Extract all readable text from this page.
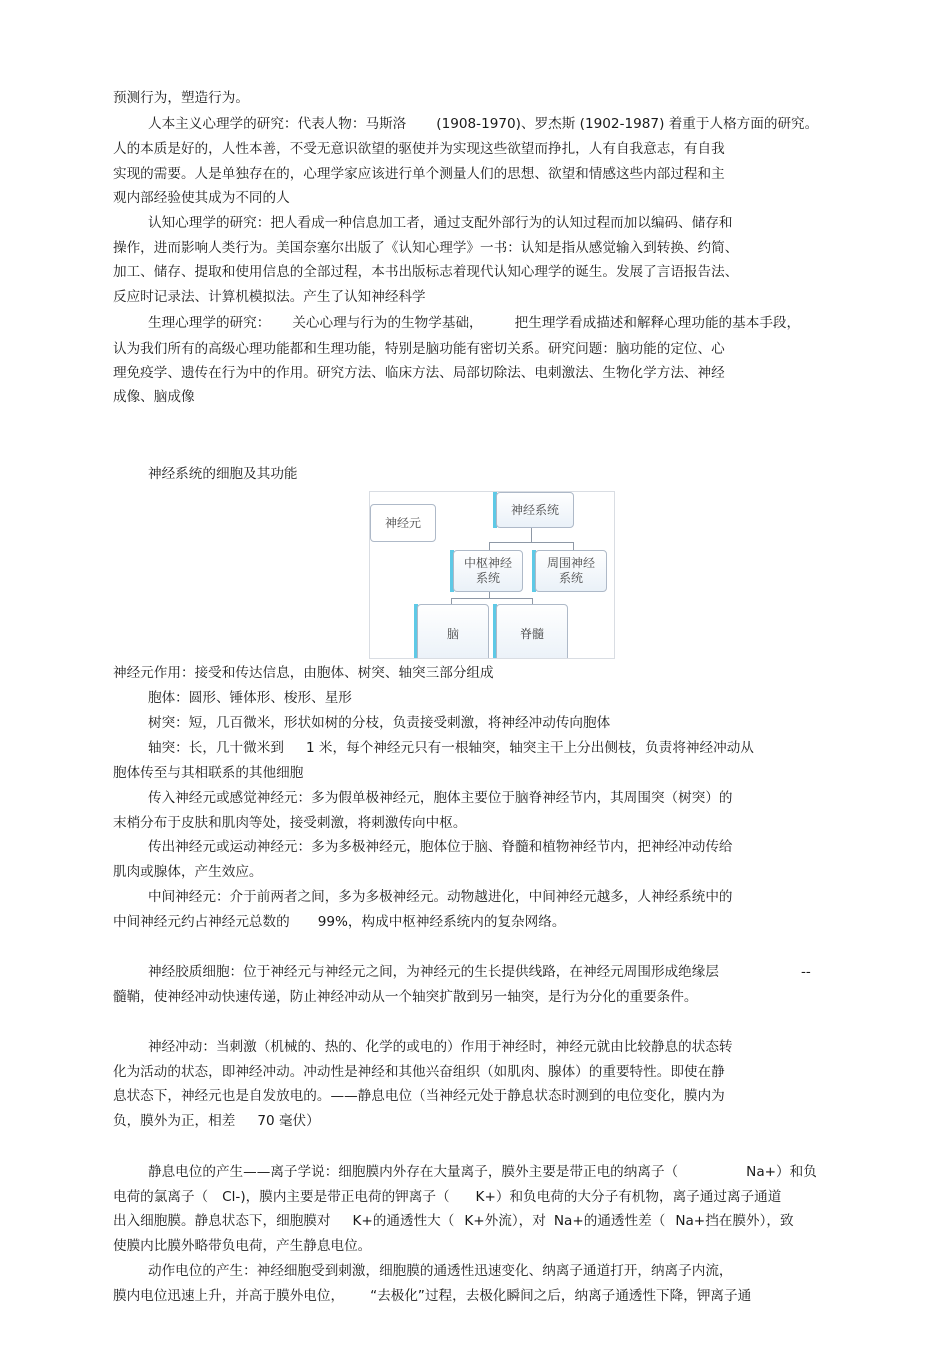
预测行为，塑造行为。

人本主义心理学的研究：代表人物：马斯洛 (1908-1970)、罗杰斯 (1902-1987) 着重于人格方面的研究。

人的本质是好的，人性本善，不受无意识欲望的驱使并为实现这些欲望而挣扎，人有自我意志，有自我

实现的需要。人是单独存在的，心理学家应该进行单个测量人们的思想、欲望和情感这些内部过程和主

观内部经验使其成为不同的人

认知心理学的研究：把人看成一种信息加工者，通过支配外部行为的认知过程而加以编码、储存和

操作，进而影响人类行为。美国奈塞尔出版了《认知心理学》一书：认知是指从感觉输入到转换、约简、

加工、储存、提取和使用信息的全部过程，本书出版标志着现代认知心理学的诞生。发展了言语报告法、

反应时记录法、计算机模拟法。产生了认知神经科学

生理心理学的研究： 关心心理与行为的生物学基础， 把生理学看成描述和解释心理功能的基本手段，

认为我们所有的高级心理功能都和生理功能，特别是脑功能有密切关系。研究问题：脑功能的定位、心

理免疫学、遗传在行为中的作用。研究方法、临床方法、局部切除法、电刺激法、生物化学方法、神经

成像、脑成像

神经系统的细胞及其功能

神经元
神经系统
中枢神经
系统
周围神经
系统
脑	脊髓

神经元作用：接受和传达信息，由胞体、树突、轴突三部分组成

胞体：圆形、锤体形、梭形、星形

树突：短，几百微米，形状如树的分枝，负责接受刺激，将神经冲动传向胞体

轴突：长，几十微米到 1 米，每个神经元只有一根轴突，轴突主干上分出侧枝，负责将神经冲动从

胞体传至与其相联系的其他细胞

传入神经元或感觉神经元：多为假单极神经元，胞体主要位于脑脊神经节内，其周围突（树突）的

末梢分布于皮肤和肌肉等处，接受刺激，将刺激传向中枢。

传出神经元或运动神经元：多为多极神经元，胞体位于脑、脊髓和植物神经节内，把神经冲动传给

肌肉或腺体，产生效应。

中间神经元：介于前两者之间，多为多极神经元。动物越进化，中间神经元越多，人神经系统中的

中间神经元约占神经元总数的 99%，构成中枢神经系统内的复杂网络。

神经胶质细胞：位于神经元与神经元之间，为神经元的生长提供线路，在神经元周围形成绝缘层	--

髓鞘，使神经冲动快速传递，防止神经冲动从一个轴突扩散到另一轴突，是行为分化的重要条件。

神经冲动：当刺激（机械的、热的、化学的或电的）作用于神经时，神经元就由比较静息的状态转

化为活动的状态，即神经冲动。冲动性是神经和其他兴奋组织（如肌肉、腺体）的重要特性。即使在静

息状态下，神经元也是自发放电的。——静息电位（当神经元处于静息状态时测到的电位变化，膜内为

负，膜外为正，相差 70 毫伏）

静息电位的产生——离子学说：细胞膜内外存在大量离子，膜外主要是带正电的纳离子（	Na+）和负

电荷的氯离子（ Cl-)，膜内主要是带正电荷的钾离子（ K+）和负电荷的大分子有机物，离子通过离子通道

出入细胞膜。静息状态下，细胞膜对 K+的通透性大（ K+外流），对 Na+的通透性差（ Na+挡在膜外），致

使膜内比膜外略带负电荷，产生静息电位。

动作电位的产生：神经细胞受到刺激，细胞膜的通透性迅速变化、纳离子通道打开，纳离子内流，

膜内电位迅速上升，并高于膜外电位， “去极化”过程，去极化瞬间之后，纳离子通透性下降，钾离子通
